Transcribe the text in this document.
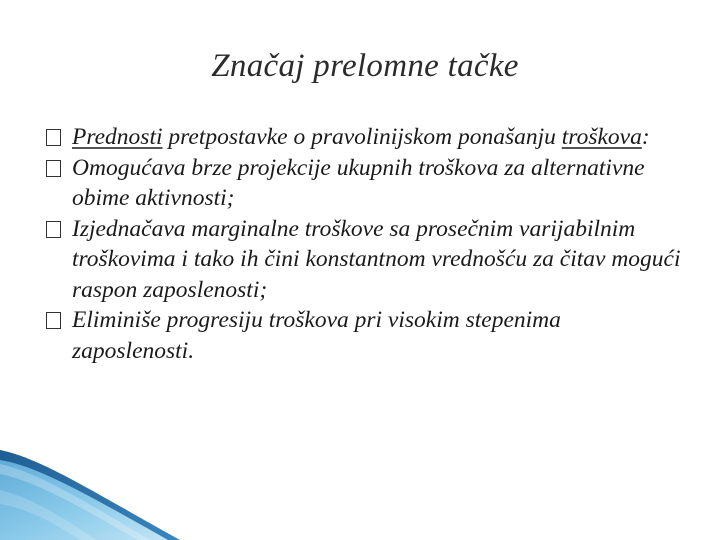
Značaj prelomne tačke
Prednosti pretpostavke o pravolinijskom ponašanju troškova:
Omogućava brze projekcije ukupnih troškova za alternativne obime aktivnosti;
Izjednačava marginalne troškove sa prosečnim varijabilnim troškovima i tako ih čini konstantnom vrednošću za čitav mogući raspon zaposlenosti;
Eliminiše progresiju troškova pri visokim stepenima zaposlenosti.
